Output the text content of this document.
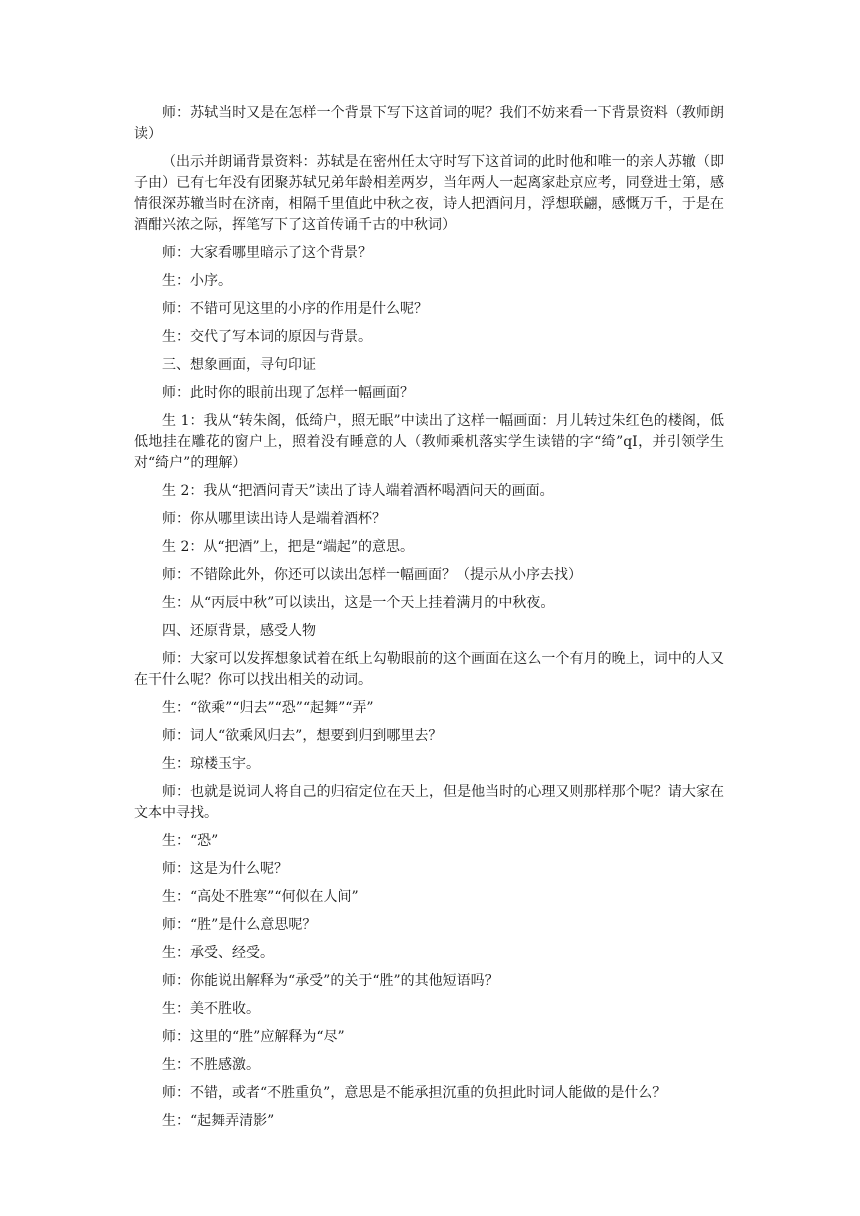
师：苏轼当时又是在怎样一个背景下写下这首词的呢？我们不妨来看一下背景资料（教师朗读）

（出示并朗诵背景资料：苏轼是在密州任太守时写下这首词的此时他和唯一的亲人苏辙（即子由）已有七年没有团聚苏轼兄弟年龄相差两岁，当年两人一起离家赴京应考，同登进士第，感情很深苏辙当时在济南，相隔千里值此中秋之夜，诗人把酒问月，浮想联翩，感慨万千，于是在酒酣兴浓之际，挥笔写下了这首传诵千古的中秋词）

师：大家看哪里暗示了这个背景？

生：小序。

师：不错可见这里的小序的作用是什么呢？

生：交代了写本词的原因与背景。

三、想象画面，寻句印证

师：此时你的眼前出现了怎样一幅画面？

生 1：我从“转朱阁，低绮户，照无眠”中读出了这样一幅画面：月儿转过朱红色的楼阁，低低地挂在雕花的窗户上，照着没有睡意的人（教师乘机落实学生读错的字“绮”qI，并引领学生对“绮户”的理解）

生 2：我从“把酒问青天”读出了诗人端着酒杯喝酒问天的画面。

师：你从哪里读出诗人是端着酒杯？

生 2：从“把酒”上，把是“端起”的意思。

师：不错除此外，你还可以读出怎样一幅画面？（提示从小序去找）

生：从“丙辰中秋”可以读出，这是一个天上挂着满月的中秋夜。

四、还原背景，感受人物

师：大家可以发挥想象试着在纸上勾勒眼前的这个画面在这么一个有月的晚上，词中的人又在干什么呢？你可以找出相关的动词。

生：“欲乘”“归去”“恐”“起舞”“弄”

师：词人“欲乘风归去”，想要到归到哪里去？

生：琼楼玉宇。

师：也就是说词人将自己的归宿定位在天上，但是他当时的心理又则那样那个呢？请大家在文本中寻找。

生：“恐”

师：这是为什么呢？

生：“高处不胜寒”“何似在人间”

师：“胜”是什么意思呢？

生：承受、经受。

师：你能说出解释为“承受”的关于“胜”的其他短语吗？

生：美不胜收。

师：这里的“胜”应解释为“尽”

生：不胜感激。

师：不错，或者“不胜重负”，意思是不能承担沉重的负担此时词人能做的是什么？

生：“起舞弄清影”
